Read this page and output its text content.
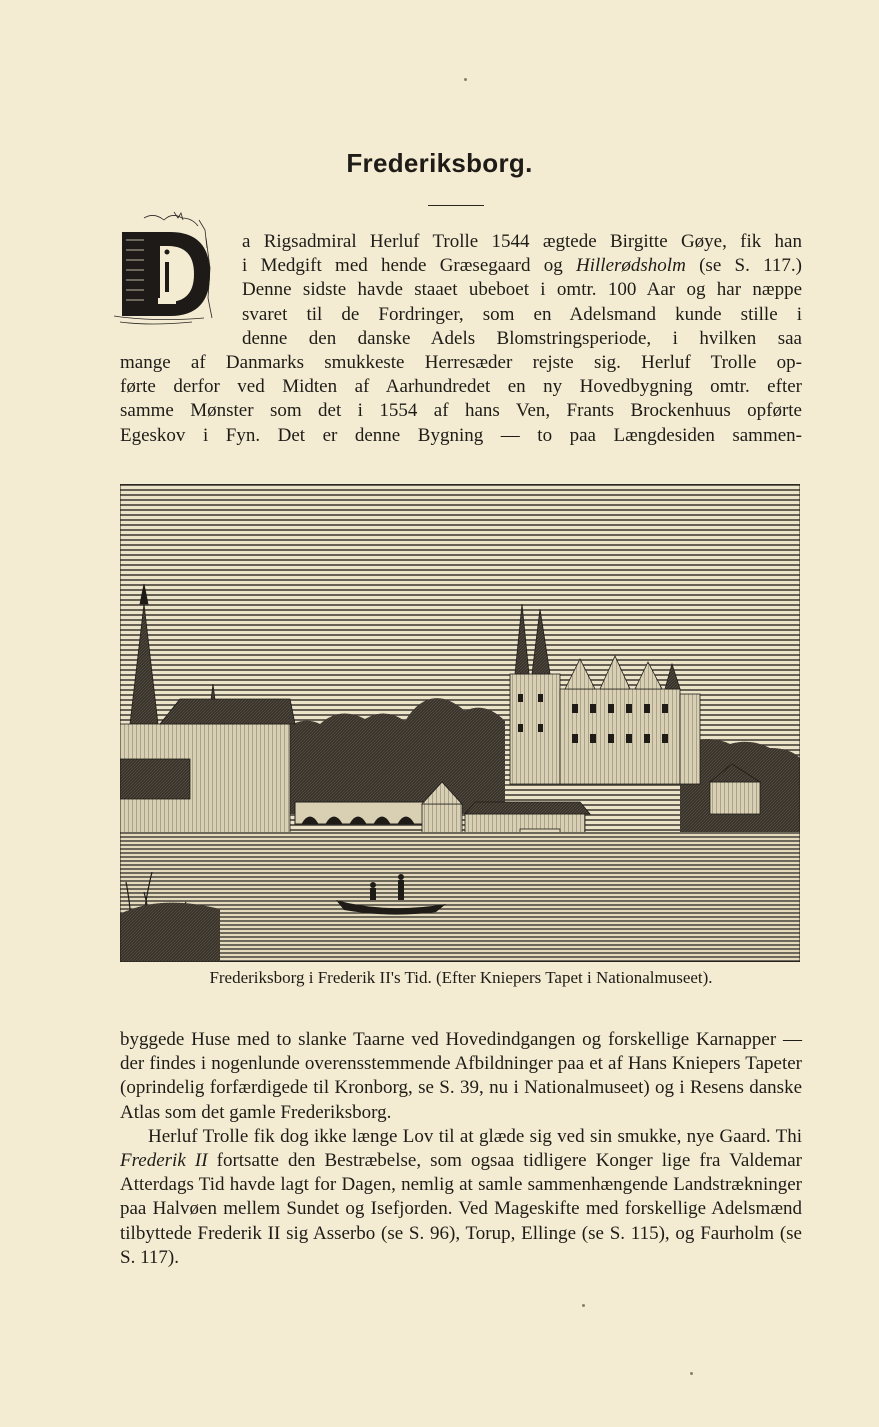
Frederiksborg.
a Rigsadmiral Herluf Trolle 1544 ægtede Birgitte Gøye, fik han
i Medgift med hende Græsegaard og Hillerødsholm (se S. 117.)
Denne sidste havde staaet ubeboet i omtr. 100 Aar og har næppe
svaret til de Fordringer, som en Adelsmand kunde stille i
denne den danske Adels Blomstringsperiode, i hvilken saa
mange af Danmarks smukkeste Herresæder rejste sig. Herluf Trolle op-
førte derfor ved Midten af Aarhundredet en ny Hovedbygning omtr. efter
samme Mønster som det i 1554 af hans Ven, Frants Brockenhuus opførte
Egeskov i Fyn. Det er denne Bygning — to paa Længdesiden sammen-
Frederiksborg i Frederik II's Tid. (Efter Kniepers Tapet i Nationalmuseet).

byggede Huse med to slanke Taarne ved Hovedindgangen og forskellige Karnapper — der findes i nogenlunde overensstemmende Afbildninger paa et af Hans Kniepers Tapeter (oprindelig forfærdigede til Kronborg, se S. 39, nu i Nationalmuseet) og i Resens danske Atlas som det gamle Frederiksborg.

Herluf Trolle fik dog ikke længe Lov til at glæde sig ved sin smukke, nye Gaard. Thi Frederik II fortsatte den Bestræbelse, som ogsaa tidligere Konger lige fra Valdemar Atterdags Tid havde lagt for Dagen, nemlig at samle sammenhængende Landstrækninger paa Halvøen mellem Sundet og Isefjorden. Ved Mageskifte med forskellige Adelsmænd tilbyttede Frederik II sig Asserbo (se S. 96), Torup, Ellinge (se S. 115), og Faurholm (se S. 117).
